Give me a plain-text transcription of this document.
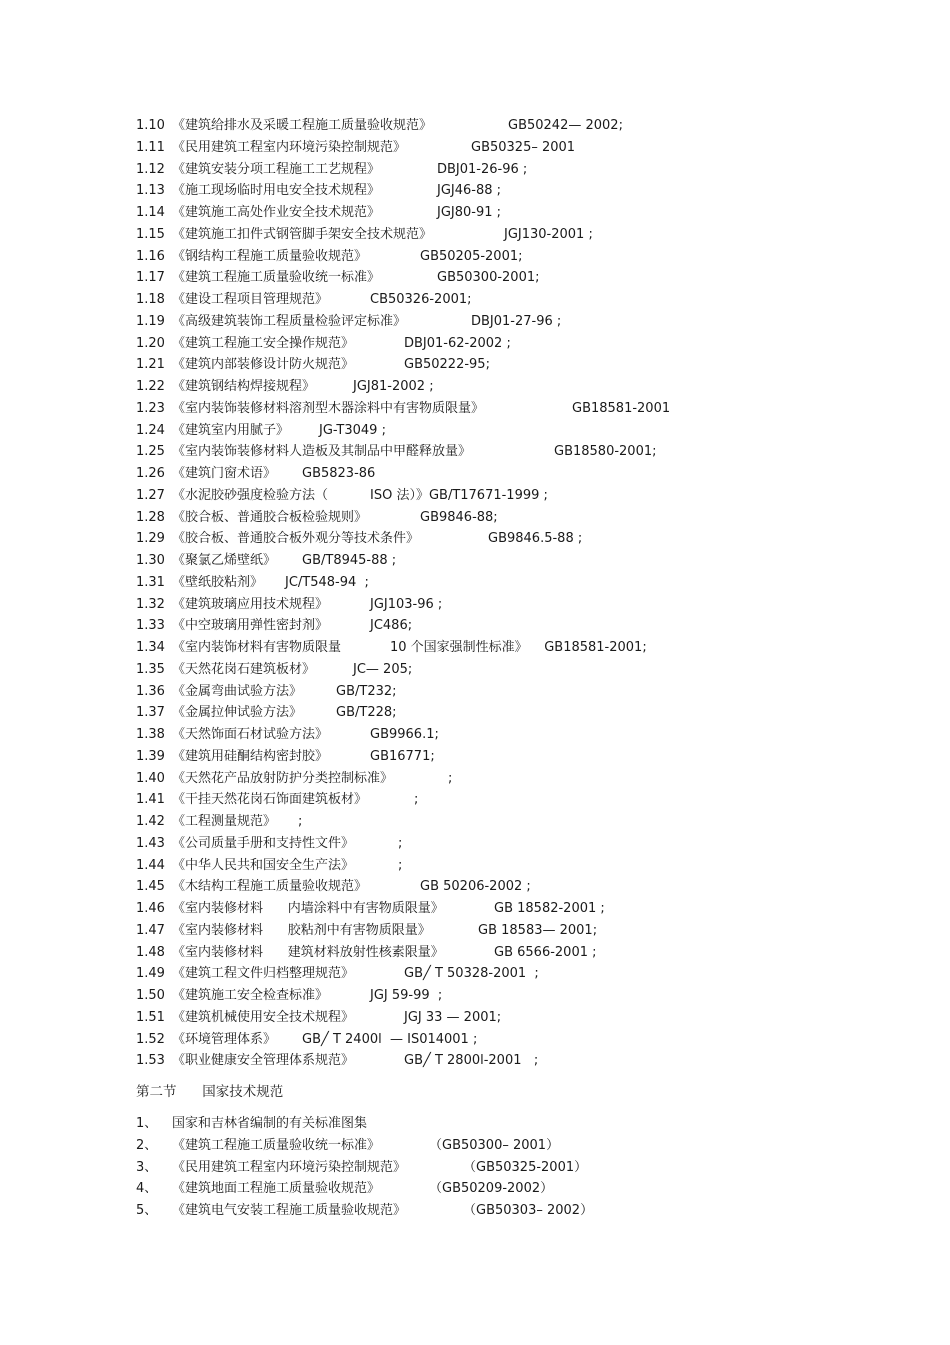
1.10 《建筑给排水及采暖工程施工质量验收规范》	GB50242— 2002;
1.11 《民用建筑工程室内环境污染控制规范》	GB50325– 2001
1.12 《建筑安装分项工程施工工艺规程》	DBJ01-26-96 ;
1.13 《施工现场临时用电安全技术规程》	JGJ46-88 ;
1.14 《建筑施工高处作业安全技术规范》	JGJ80-91 ;
1.15 《建筑施工扣件式钢管脚手架安全技术规范》	JGJ130-2001 ;
1.16 《钢结构工程施工质量验收规范》	GB50205-2001;
1.17 《建筑工程施工质量验收统一标准》	GB50300-2001;
1.18 《建设工程项目管理规范》	CB50326-2001;
1.19 《高级建筑装饰工程质量检验评定标准》	DBJ01-27-96 ;
1.20 《建筑工程施工安全操作规范》	DBJ01-62-2002 ;
1.21 《建筑内部装修设计防火规范》	GB50222-95;
1.22 《建筑钢结构焊接规程》	JGJ81-2002 ;
1.23 《室内装饰装修材料溶剂型木器涂料中有害物质限量》	GB18581-2001
1.24 《建筑室内用腻子》 JG-T3049 ;
1.25 《室内装饰装修材料人造板及其制品中甲醛释放量》	GB18580-2001;
1.26 《建筑门窗术语》 GB5823-86
1.27 《水泥胶砂强度检验方法（	ISO 法）》GB/T17671-1999 ;
1.28 《胶合板、普通胶合板检验规则》	GB9846-88;
1.29 《胶合板、普通胶合板外观分等技术条件》	GB9846.5-88 ;
1.30 《聚氯乙烯壁纸》 GB/T8945-88 ;
1.31 《壁纸胶粘剂》 JC/T548-94  ;
1.32 《建筑玻璃应用技术规程》	JGJ103-96 ;
1.33 《中空玻璃用弹性密封剂》	JC486;
1.34 《室内装饰材料有害物质限量	10 个国家强制性标准》    GB18581-2001;
1.35 《天然花岗石建筑板材》	JC— 205;
1.36 《金属弯曲试验方法》	GB/T232;
1.37 《金属拉伸试验方法》	GB/T228;
1.38 《天然饰面石材试验方法》	GB9966.1;
1.39 《建筑用硅酮结构密封胶》	GB16771;
1.40 《天然花产品放射防护分类控制标准》	;
1.41 《干挂天然花岗石饰面建筑板材》	;
1.42 《工程测量规范》 ;
1.43 《公司质量手册和支持性文件》	;
1.44 《中华人民共和国安全生产法》	;
1.45 《木结构工程施工质量验收规范》	GB 50206-2002 ;
1.46 《室内装修材料      内墙涂料中有害物质限量》	GB 18582-2001 ;
1.47 《室内装修材料      胶粘剂中有害物质限量》	GB 18583— 2001;
1.48 《室内装修材料      建筑材料放射性核素限量》	GB 6566-2001 ;
1.49 《建筑工程文件归档整理规范》	GB╱ T 50328-2001  ;
1.50 《建筑施工安全检查标准》	JGJ 59-99  ;
1.51 《建筑机械使用安全技术规程》	JGJ 33 — 2001;
1.52 《环境管理体系》 GB╱ T 2400l  — IS014001 ;
1.53 《职业健康安全管理体系规范》	GB╱ T 2800l-2001   ;
第二节      国家技术规范
1、 国家和吉林省编制的有关标准图集
2、 《建筑工程施工质量验收统一标准》	（GB50300– 2001）
3、 《民用建筑工程室内环境污染控制规范》	（GB50325-2001）
4、 《建筑地面工程施工质量验收规范》	（GB50209-2002）
5、 《建筑电气安装工程施工质量验收规范》	（GB50303– 2002）
